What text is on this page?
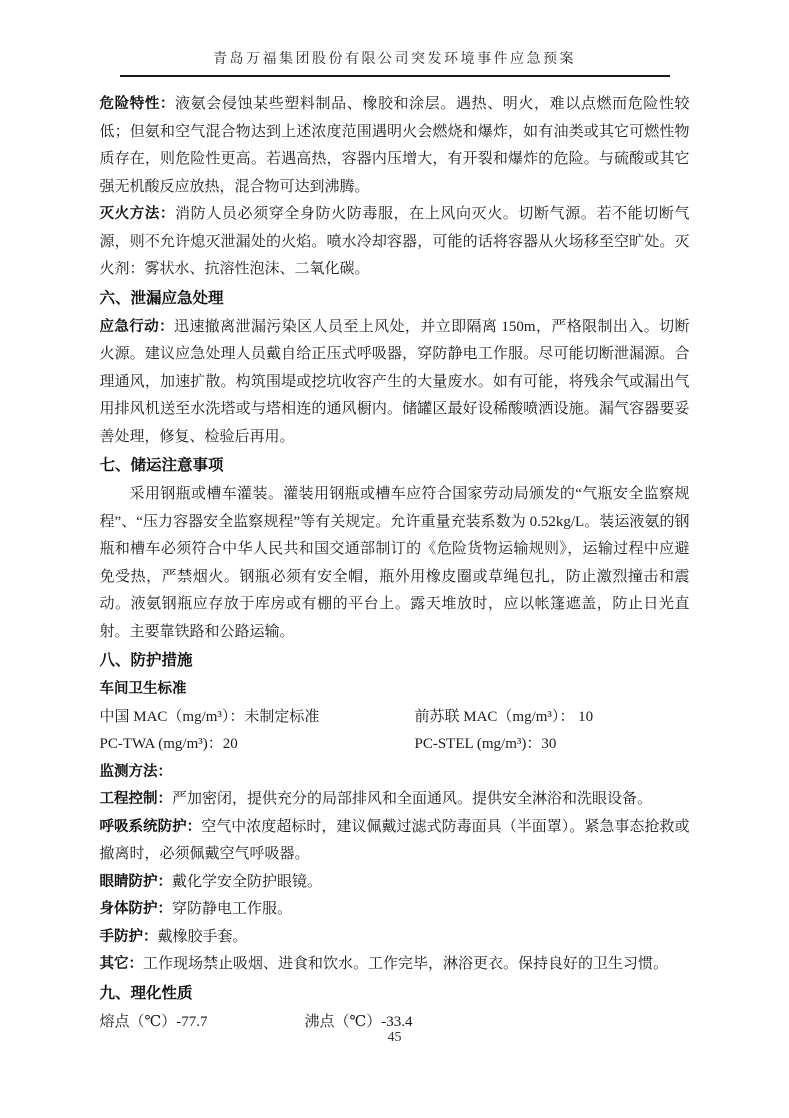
青岛万福集团股份有限公司突发环境事件应急预案

危险特性：液氨会侵蚀某些塑料制品、橡胶和涂层。遇热、明火，难以点燃而危险性较低；但氨和空气混合物达到上述浓度范围遇明火会燃烧和爆炸，如有油类或其它可燃性物质存在，则危险性更高。若遇高热，容器内压增大，有开裂和爆炸的危险。与硫酸或其它强无机酸反应放热，混合物可达到沸腾。

灭火方法：消防人员必须穿全身防火防毒服，在上风向灭火。切断气源。若不能切断气源，则不允许熄灭泄漏处的火焰。喷水冷却容器，可能的话将容器从火场移至空旷处。灭火剂：雾状水、抗溶性泡沫、二氧化碳。

六、泄漏应急处理

应急行动：迅速撤离泄漏污染区人员至上风处，并立即隔离 150m，严格限制出入。切断火源。建议应急处理人员戴自给正压式呼吸器，穿防静电工作服。尽可能切断泄漏源。合理通风，加速扩散。构筑围堤或挖坑收容产生的大量废水。如有可能，将残余气或漏出气用排风机送至水洗塔或与塔相连的通风橱内。储罐区最好设稀酸喷洒设施。漏气容器要妥善处理，修复、检验后再用。

七、储运注意事项

采用钢瓶或槽车灌装。灌装用钢瓶或槽车应符合国家劳动局颁发的“气瓶安全监察规程”、“压力容器安全监察规程”等有关规定。允许重量充装系数为 0.52kg/L。装运液氨的钢瓶和槽车必须符合中华人民共和国交通部制订的《危险货物运输规则》，运输过程中应避免受热，严禁烟火。钢瓶必须有安全帽，瓶外用橡皮圈或草绳包扎，防止激烈撞击和震动。液氨钢瓶应存放于库房或有棚的平台上。露天堆放时，应以帐篷遮盖，防止日光直射。主要靠铁路和公路运输。

八、防护措施

车间卫生标准

中国 MAC（mg/m³）：未制定标准	前苏联 MAC（mg/m³）： 10
PC-TWA (mg/m³)：20	PC-STEL (mg/m³)：30

监测方法：

工程控制：严加密闭，提供充分的局部排风和全面通风。提供安全淋浴和洗眼设备。

呼吸系统防护：空气中浓度超标时，建议佩戴过滤式防毒面具（半面罩）。紧急事态抢救或撤离时，必须佩戴空气呼吸器。

眼睛防护：戴化学安全防护眼镜。

身体防护：穿防静电工作服。

手防护：戴橡胶手套。

其它：工作现场禁止吸烟、进食和饮水。工作完毕，淋浴更衣。保持良好的卫生习惯。

九、理化性质
熔点（℃）-77.7	沸点（℃）-33.4
45
